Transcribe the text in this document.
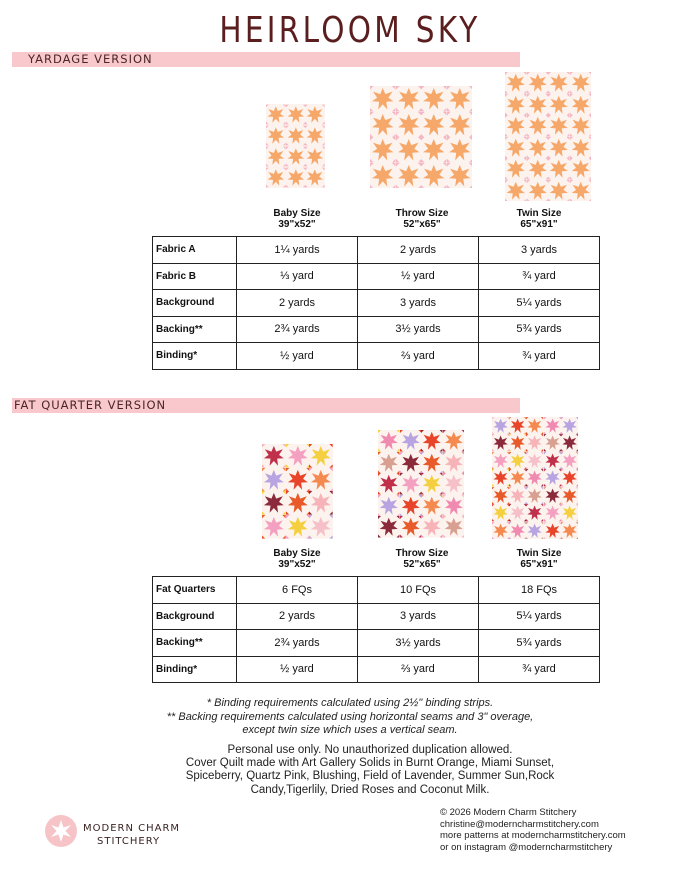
HEIRLOOM SKY
YARDAGE VERSION
Baby Size
39"x52"
Throw Size
52"x65"
Twin Size
65"x91"
Fabric A	1¼ yards	2 yards	3 yards
Fabric B	⅓ yard	½ yard	¾ yard
Background	2 yards	3 yards	5¼ yards
Backing**	2¾ yards	3½ yards	5¾ yards
Binding*	½ yard	⅔ yard	¾ yard
FAT QUARTER VERSION
Baby Size
39"x52"
Throw Size
52"x65"
Twin Size
65"x91"
Fat Quarters	6 FQs	10 FQs	18 FQs
Background	2 yards	3 yards	5¼ yards
Backing**	2¾ yards	3½ yards	5¾ yards
Binding*	½ yard	⅔ yard	¾ yard
* Binding requirements calculated using 2½" binding strips.
** Backing requirements calculated using horizontal seams and 3" overage,
except twin size which uses a vertical seam.
Personal use only. No unauthorized duplication allowed.
Cover Quilt made with Art Gallery Solids in Burnt Orange, Miami Sunset,
Spiceberry, Quartz Pink, Blushing, Field of Lavender, Summer Sun,Rock
Candy,Tigerlily, Dried Roses and Coconut Milk.
MODERN CHARM
STITCHERY
© 2026 Modern Charm Stitchery
christine@moderncharmstitchery.com
more patterns at moderncharmstitchery.com
or on instagram @moderncharmstitchery
